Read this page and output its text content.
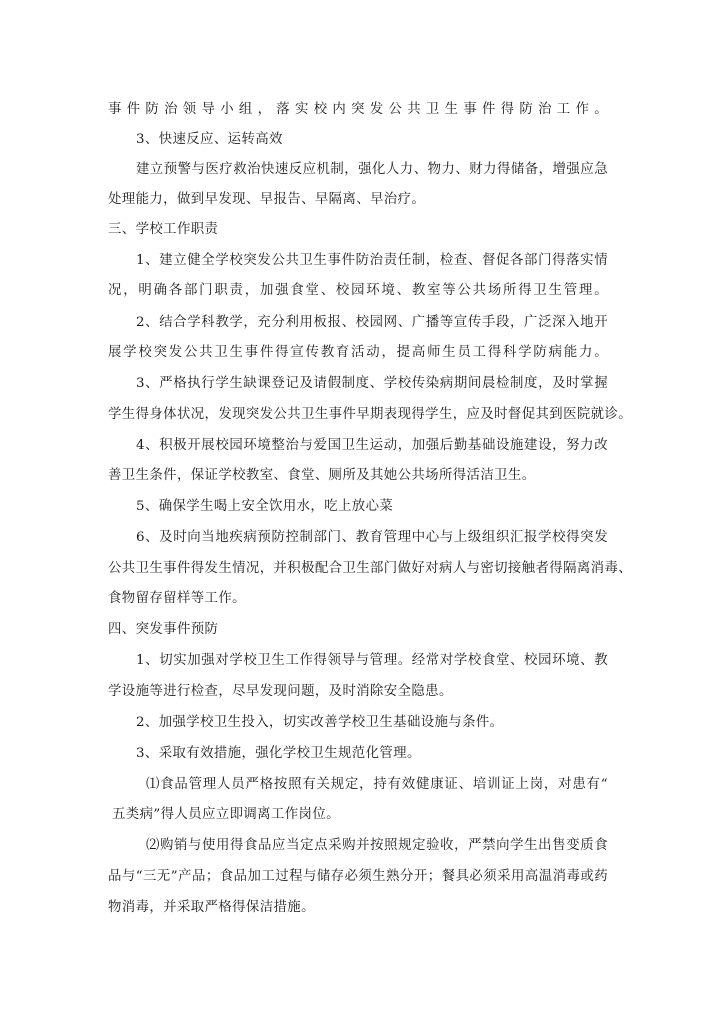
事件防治领导小组，落实校内突发公共卫生事件得防治工作。
3、快速反应、运转高效
建立预警与医疗救治快速反应机制，强化人力、物力、财力得储备，增强应急
处理能力，做到早发现、早报告、早隔离、早治疗。
三、学校工作职责
1、建立健全学校突发公共卫生事件防治责任制，检查、督促各部门得落实情
况，明确各部门职责，加强食堂、校园环境、教室等公共场所得卫生管理。
2、结合学科教学，充分利用板报、校园网、广播等宣传手段，广泛深入地开
展学校突发公共卫生事件得宣传教育活动，提高师生员工得科学防病能力。
3、严格执行学生缺课登记及请假制度、学校传染病期间晨检制度，及时掌握
学生得身体状况，发现突发公共卫生事件早期表现得学生，应及时督促其到医院就诊。
4、积极开展校园环境整治与爱国卫生运动，加强后勤基础设施建设，努力改
善卫生条件，保证学校教室、食堂、厕所及其她公共场所得活洁卫生。
5、确保学生喝上安全饮用水，吃上放心菜
6、及时向当地疾病预防控制部门、教育管理中心与上级组织汇报学校得突发
公共卫生事件得发生情况，并积极配合卫生部门做好对病人与密切接触者得隔离消毒、
食物留存留样等工作。
四、突发事件预防
1、切实加强对学校卫生工作得领导与管理。经常对学校食堂、校园环境、教
学设施等进行检查，尽早发现问题，及时消除安全隐患。
2、加强学校卫生投入，切实改善学校卫生基础设施与条件。
3、采取有效措施，强化学校卫生规范化管理。
⑴食品管理人员严格按照有关规定，持有效健康证、培训证上岗，对患有“
五类病”得人员应立即调离工作岗位。
⑵购销与使用得食品应当定点采购并按照规定验收，严禁向学生出售变质食
品与“三无”产品；食品加工过程与储存必须生熟分开；餐具必须采用高温消毒或药
物消毒，并采取严格得保洁措施。
